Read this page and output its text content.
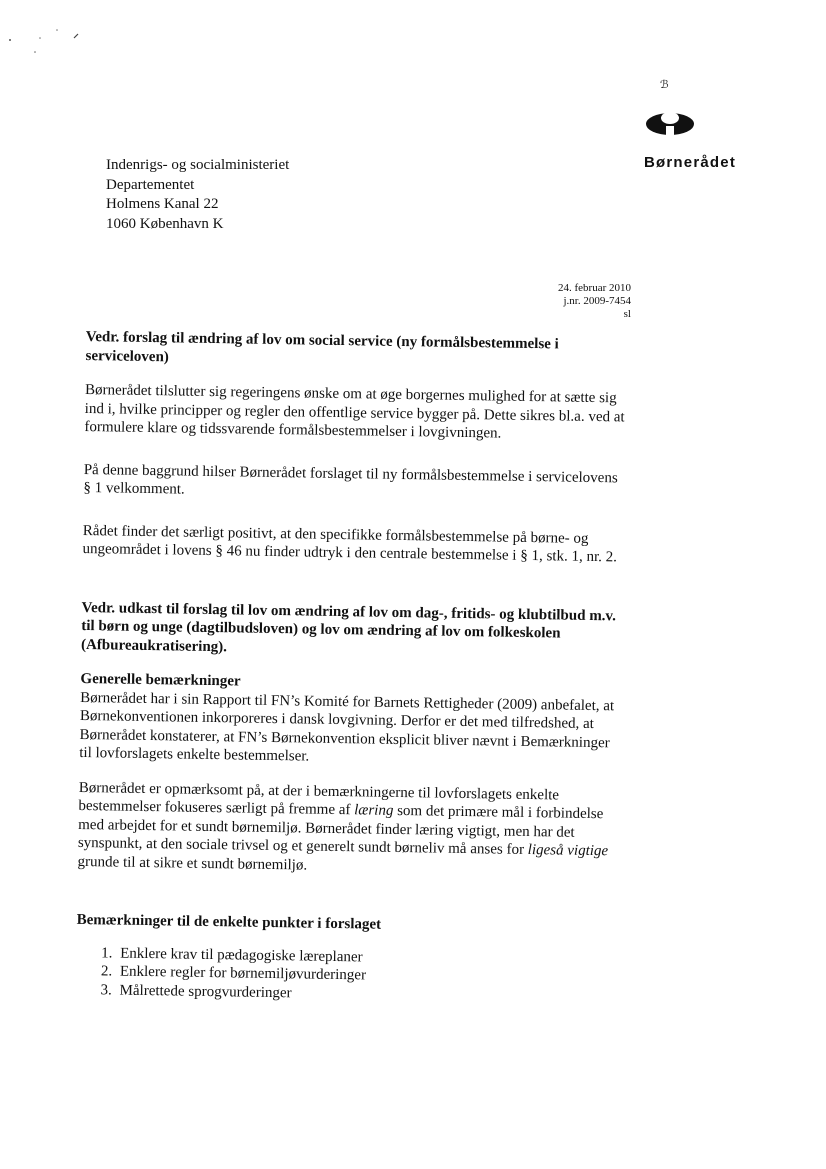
Indenrigs- og socialministeriet
Departementet
Holmens Kanal 22
1060 København K
ℬ
Børnerådet
24. februar 2010
j.nr. 2009-7454
sl
Vedr. forslag til ændring af lov om social service (ny formålsbestemmelse i serviceloven)

Børnerådet tilslutter sig regeringens ønske om at øge borgernes mulighed for at sætte sig ind i, hvilke principper og regler den offentlige service bygger på. Dette sikres bl.a. ved at formulere klare og tidssvarende formålsbestemmelser i lovgivningen.

På denne baggrund hilser Børnerådet forslaget til ny formålsbestemmelse i servicelovens § 1 velkomment.

Rådet finder det særligt positivt, at den specifikke formålsbestemmelse på børne- og ungeområdet i lovens § 46 nu finder udtryk i den centrale bestemmelse i § 1, stk. 1, nr. 2.

Vedr. udkast til forslag til lov om ændring af lov om dag-, fritids- og klubtilbud m.v. til børn og unge (dagtilbudsloven) og lov om ændring af lov om folkeskolen (Afbureaukratisering).
Generelle bemærkninger

Børnerådet har i sin Rapport til FN’s Komité for Barnets Rettigheder (2009) anbefalet, at Børnekonventionen inkorporeres i dansk lovgivning. Derfor er det med tilfredshed, at Børnerådet konstaterer, at FN’s Børnekonvention eksplicit bliver nævnt i Bemærkninger til lovforslagets enkelte bestemmelser.

Børnerådet er opmærksomt på, at der i bemærkningerne til lovforslagets enkelte bestemmelser fokuseres særligt på fremme af læring som det primære mål i forbindelse med arbejdet for et sundt børnemiljø. Børnerådet finder læring vigtigt, men har det synspunkt, at den sociale trivsel og et generelt sundt børneliv må anses for ligeså vigtige grunde til at sikre et sundt børnemiljø.

Bemærkninger til de enkelte punkter i forslaget
1. Enklere krav til pædagogiske læreplaner
2. Enklere regler for børnemiljøvurderinger
3. Målrettede sprogvurderinger
